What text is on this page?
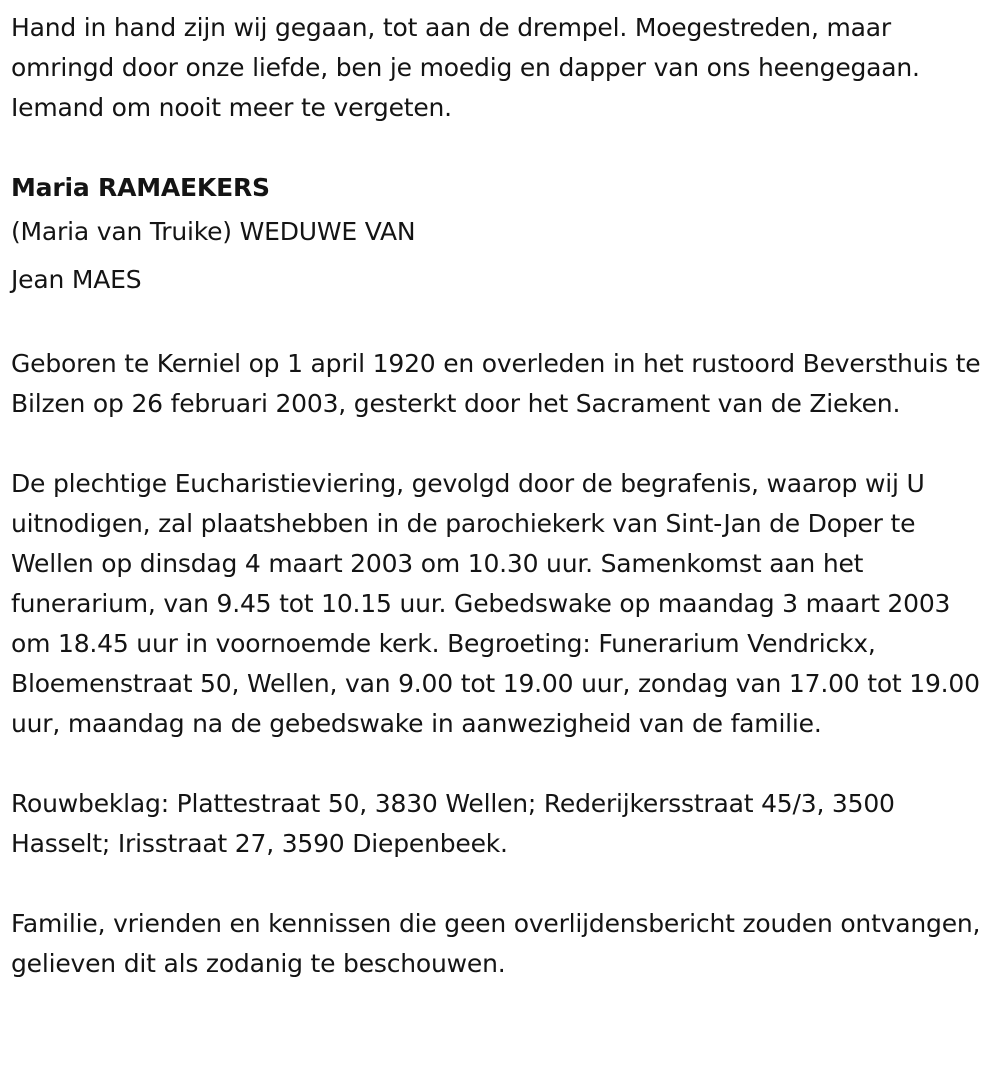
Hand in hand zijn wij gegaan, tot aan de drempel. Moegestreden, maar omringd door onze liefde, ben je moedig en dapper van ons heengegaan. Iemand om nooit meer te vergeten.

Maria RAMAEKERS

(Maria van Truike) WEDUWE VAN

Jean MAES

Geboren te Kerniel op 1 april 1920 en overleden in het rustoord Beversthuis te Bilzen op 26 februari 2003, gesterkt door het Sacrament van de Zieken.

De plechtige Eucharistieviering, gevolgd door de begrafenis, waarop wij U uitnodigen, zal plaatshebben in de parochiekerk van Sint-Jan de Doper te Wellen op dinsdag 4 maart 2003 om 10.30 uur. Samenkomst aan het funerarium, van 9.45 tot 10.15 uur. Gebedswake op maandag 3 maart 2003 om 18.45 uur in voornoemde kerk. Begroeting: Funerarium Vendrickx, Bloemenstraat 50, Wellen, van 9.00 tot 19.00 uur, zondag van 17.00 tot 19.00 uur, maandag na de gebedswake in aanwezigheid van de familie.

Rouwbeklag: Plattestraat 50, 3830 Wellen; Rederijkersstraat 45/3, 3500 Hasselt; Irisstraat 27, 3590 Diepenbeek.

Familie, vrienden en kennissen die geen overlijdensbericht zouden ontvangen, gelieven dit als zodanig te beschouwen.
